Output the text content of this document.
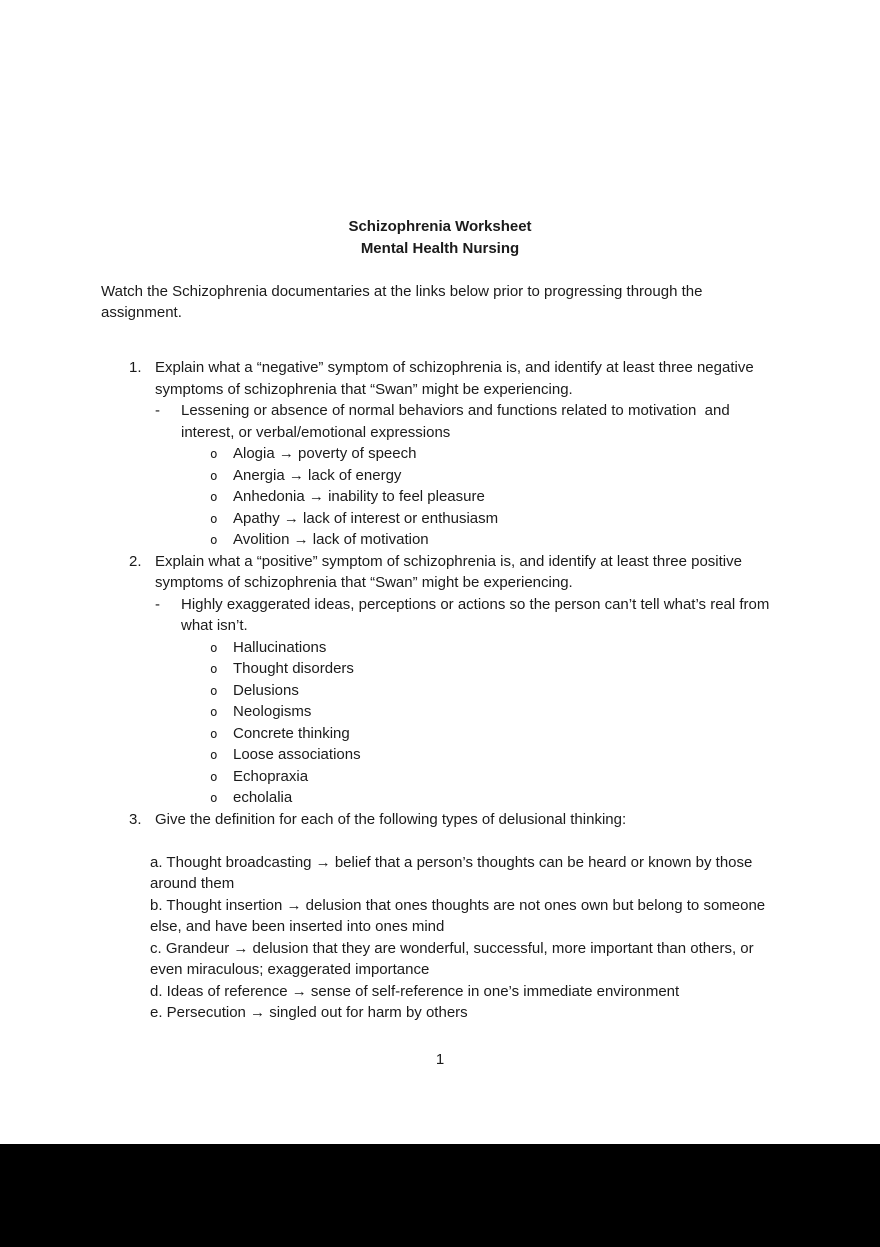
Schizophrenia Worksheet
Mental Health Nursing

Watch the Schizophrenia documentaries at the links below prior to progressing through the assignment.

1. Explain what a “negative” symptom of schizophrenia is, and identify at least three negative symptoms of schizophrenia that “Swan” might be experiencing.
-	Lessening or absence of normal behaviors and functions related to motivation  and interest, or verbal/emotional expressions
o	Alogia → poverty of speech
o	Anergia → lack of energy
o	Anhedonia → inability to feel pleasure
o	Apathy → lack of interest or enthusiasm
o	Avolition → lack of motivation
2. Explain what a “positive” symptom of schizophrenia is, and identify at least three positive symptoms of schizophrenia that “Swan” might be experiencing.
-	Highly exaggerated ideas, perceptions or actions so the person can’t tell what’s real from what isn’t.
o	Hallucinations
o	Thought disorders
o	Delusions
o	Neologisms
o	Concrete thinking
o	Loose associations
o	Echopraxia
o	echolalia
3. Give the definition for each of the following types of delusional thinking:

a. Thought broadcasting → belief that a person’s thoughts can be heard or known by those around them

b. Thought insertion → delusion that ones thoughts are not ones own but belong to someone else, and have been inserted into ones mind

c. Grandeur → delusion that they are wonderful, successful, more important than others, or even miraculous; exaggerated importance

d. Ideas of reference → sense of self-reference in one’s immediate environment

e. Persecution → singled out for harm by others

1
